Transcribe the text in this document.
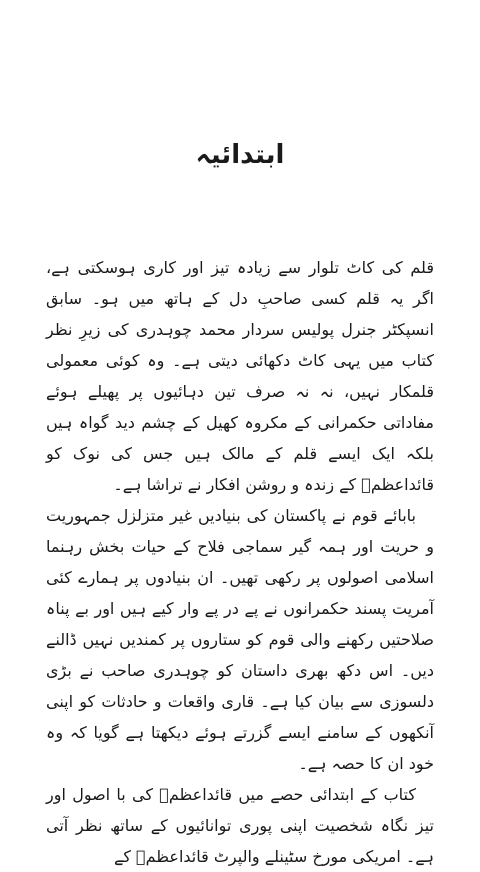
ابتدائیہ

قلم کی کاٹ تلوار سے زیادہ تیز اور کاری ہوسکتی ہے، اگر یہ قلم کسی صاحبِ دل کے ہاتھ میں ہو۔ سابق انسپکٹر جنرل پولیس سردار محمد چوہدری کی زیرِ نظر کتاب میں یہی کاٹ دکھائی دیتی ہے۔ وہ کوئی معمولی قلمکار نہیں، نہ نہ صرف تین دہائیوں پر پھیلے ہوئے مفاداتی حکمرانی کے مکروہ کھیل کے چشم دید گواہ ہیں بلکہ ایک ایسے قلم کے مالک ہیں جس کی نوک کو قائداعظمؒ کے زندہ و روشن افکار نے تراشا ہے۔

بابائے قوم نے پاکستان کی بنیادیں غیر متزلزل جمہوریت و حریت اور ہمہ گیر سماجی فلاح کے حیات بخش رہنما اسلامی اصولوں پر رکھی تھیں۔ ان بنیادوں پر ہمارے کئی آمریت پسند حکمرانوں نے پے در پے وار کیے ہیں اور بے پناہ صلاحتیں رکھنے والی قوم کو ستاروں پر کمندیں نہیں ڈالنے دیں۔ اس دکھ بھری داستان کو چوہدری صاحب نے بڑی دلسوزی سے بیان کیا ہے۔ قاری واقعات و حادثات کو اپنی آنکھوں کے سامنے ایسے گزرتے ہوئے دیکھتا ہے گویا کہ وہ خود ان کا حصہ ہے۔

کتاب کے ابتدائی حصے میں قائداعظمؒ کی با اصول اور تیز نگاہ شخصیت اپنی پوری توانائیوں کے ساتھ نظر آتی ہے۔ امریکی مورخ سٹینلے والپرٹ قائداعظمؒ کے
